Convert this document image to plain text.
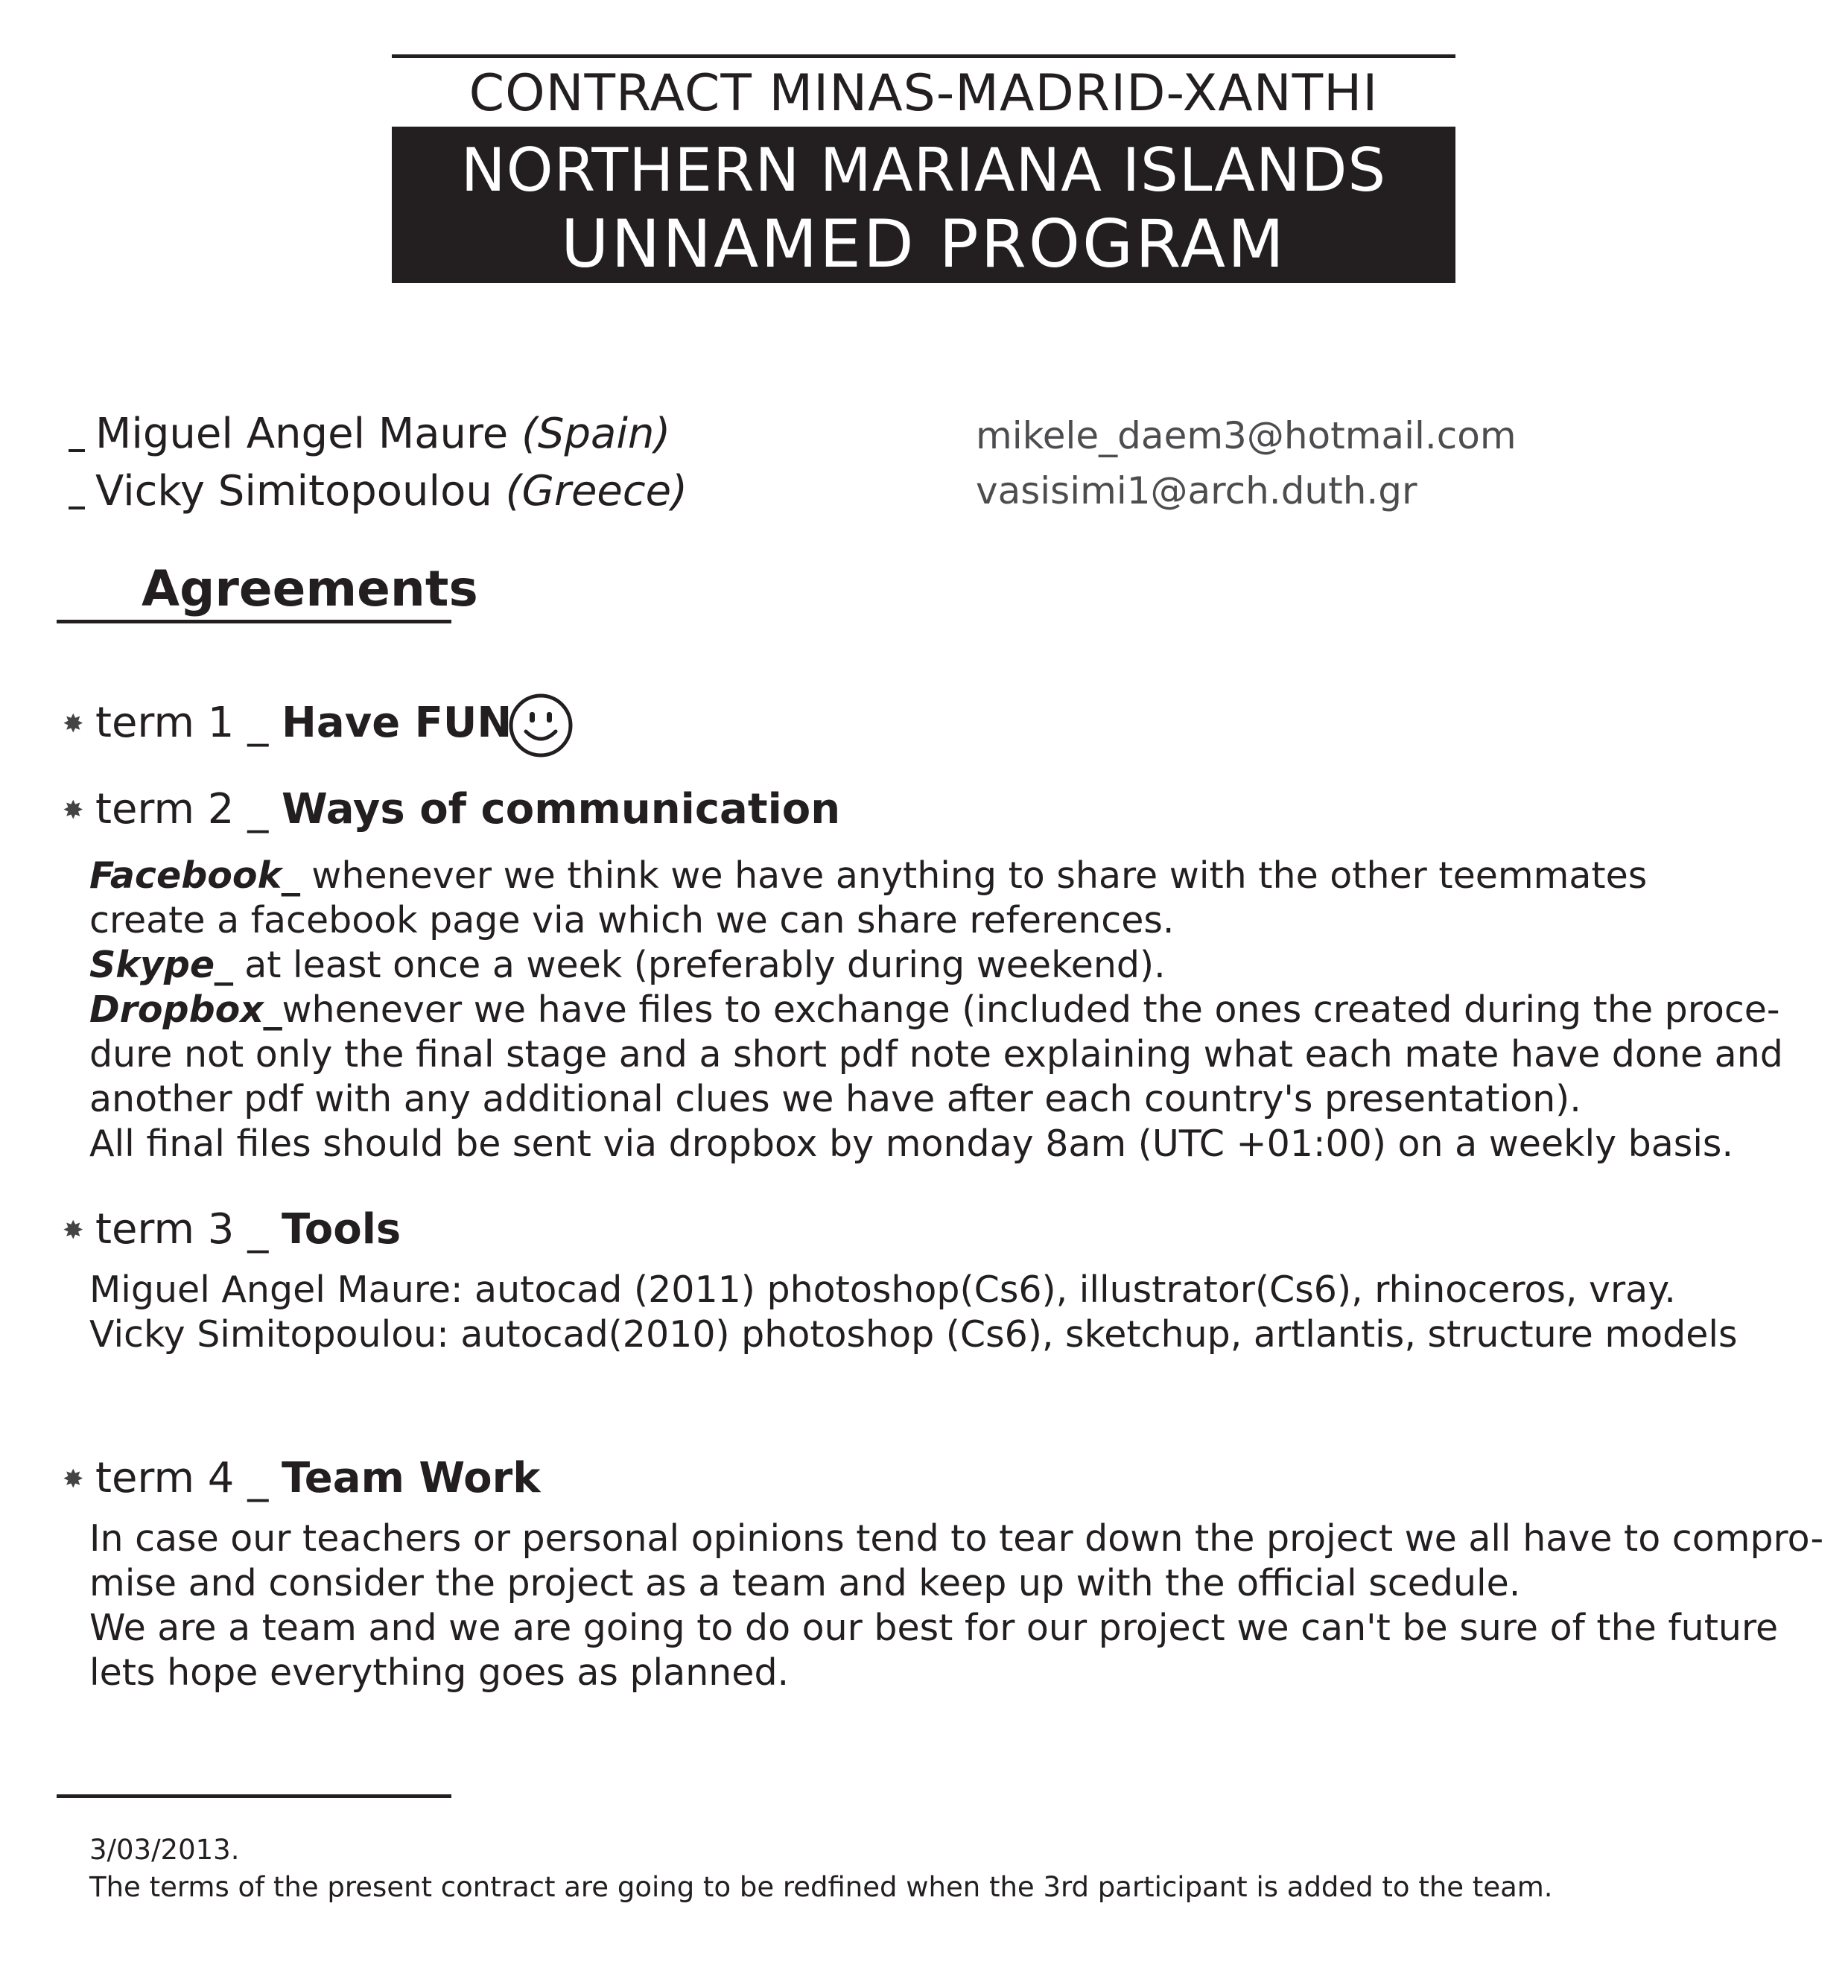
CONTRACT MINAS-MADRID-XANTHI
NORTHERN MARIANA ISLANDS
UNNAMED PROGRAM
Miguel Angel Maure (Spain)
Vicky Simitopoulou (Greece)
mikele_daem3@hotmail.com
vasisimi1@arch.duth.gr
Agreements
✸ term 1 _ Have FUN
✸ term 2 _ Ways of communication
Facebook_ whenever we think we have anything to share with the other teemmates
create a facebook page via which we can share references.
Skype_ at least once a week (preferably during weekend).
Dropbox_whenever we have files to exchange (included the ones created during the proce-
dure not only the final stage and a short pdf note explaining what each mate have done and
another pdf with any additional clues we have after each country's presentation).
All final files should be sent via dropbox by monday 8am (UTC +01:00) on a weekly basis.
✸ term 3 _ Tools
Miguel Angel Maure: autocad (2011) photoshop(Cs6), illustrator(Cs6), rhinoceros, vray.
Vicky Simitopoulou: autocad(2010) photoshop (Cs6), sketchup, artlantis, structure models
✸ term 4 _ Team Work
In case our teachers or personal opinions tend to tear down the project we all have to compro-
mise and consider the project as a team and keep up with the official scedule.
We are a team and we are going to do our best for our project we can't be sure of the future
lets hope everything goes as planned.
3/03/2013.
The terms of the present contract are going to be redfined when the 3rd participant is added to the team.
